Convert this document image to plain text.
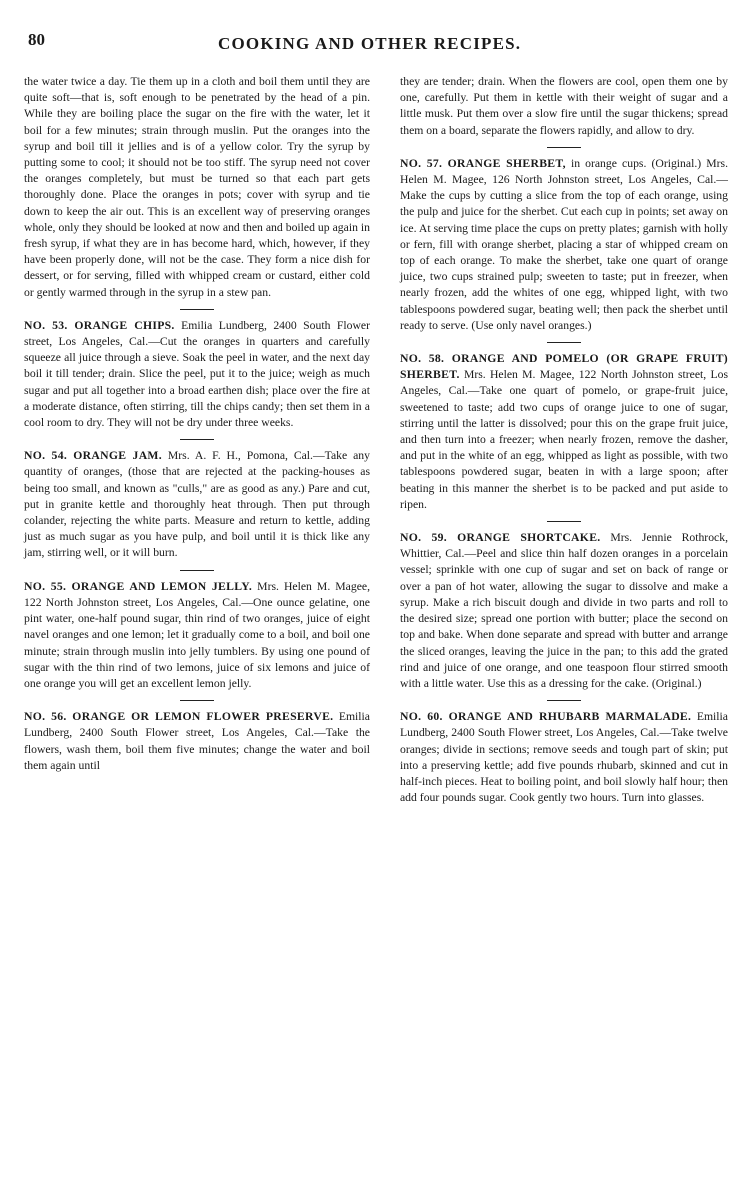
80	COOKING AND OTHER RECIPES.

the water twice a day. Tie them up in a cloth and boil them until they are quite soft—that is, soft enough to be penetrated by the head of a pin. While they are boiling place the sugar on the fire with the water, let it boil for a few minutes; strain through muslin. Put the oranges into the syrup and boil till it jellies and is of a yellow color. Try the syrup by putting some to cool; it should not be too stiff. The syrup need not cover the oranges completely, but must be turned so that each part gets thoroughly done. Place the oranges in pots; cover with syrup and tie down to keep the air out. This is an excellent way of preserving oranges whole, only they should be looked at now and then and boiled up again in fresh syrup, if what they are in has become hard, which, however, if they have been properly done, will not be the case. They form a nice dish for dessert, or for serving, filled with whipped cream or custard, either cold or gently warmed through in the syrup in a stew pan.

NO. 53. ORANGE CHIPS. Emilia Lundberg, 2400 South Flower street, Los Angeles, Cal.—Cut the oranges in quarters and carefully squeeze all juice through a sieve. Soak the peel in water, and the next day boil it till tender; drain. Slice the peel, put it to the juice; weigh as much sugar and put all together into a broad earthen dish; place over the fire at a moderate distance, often stirring, till the chips candy; then set them in a cool room to dry. They will not be dry under three weeks.

NO. 54. ORANGE JAM. Mrs. A. F. H., Pomona, Cal.—Take any quantity of oranges, (those that are rejected at the packing-houses as being too small, and known as "culls," are as good as any.) Pare and cut, put in granite kettle and thoroughly heat through. Then put through colander, rejecting the white parts. Measure and return to kettle, adding just as much sugar as you have pulp, and boil until it is thick like any jam, stirring well, or it will burn.

NO. 55. ORANGE AND LEMON JELLY. Mrs. Helen M. Magee, 122 North Johnston street, Los Angeles, Cal.—One ounce gelatine, one pint water, one-half pound sugar, thin rind of two oranges, juice of eight navel oranges and one lemon; let it gradually come to a boil, and boil one minute; strain through muslin into jelly tumblers. By using one pound of sugar with the thin rind of two lemons, juice of six lemons and juice of one orange you will get an excellent lemon jelly.

NO. 56. ORANGE OR LEMON FLOWER PRESERVE. Emilia Lundberg, 2400 South Flower street, Los Angeles, Cal.—Take the flowers, wash them, boil them five minutes; change the water and boil them again until

they are tender; drain. When the flowers are cool, open them one by one, carefully. Put them in kettle with their weight of sugar and a little musk. Put them over a slow fire until the sugar thickens; spread them on a board, separate the flowers rapidly, and allow to dry.

NO. 57. ORANGE SHERBET, in orange cups. (Original.) Mrs. Helen M. Magee, 126 North Johnston street, Los Angeles, Cal.—Make the cups by cutting a slice from the top of each orange, using the pulp and juice for the sherbet. Cut each cup in points; set away on ice. At serving time place the cups on pretty plates; garnish with holly or fern, fill with orange sherbet, placing a star of whipped cream on top of each orange. To make the sherbet, take one quart of orange juice, two cups strained pulp; sweeten to taste; put in freezer, when nearly frozen, add the whites of one egg, whipped light, with two tablespoons powdered sugar, beating well; then pack the sherbet until ready to serve. (Use only navel oranges.)

NO. 58. ORANGE AND POMELO (OR GRAPE FRUIT) SHERBET. Mrs. Helen M. Magee, 122 North Johnston street, Los Angeles, Cal.—Take one quart of pomelo, or grape-fruit juice, sweetened to taste; add two cups of orange juice to one of sugar, stirring until the latter is dissolved; pour this on the grape fruit juice, and then turn into a freezer; when nearly frozen, remove the dasher, and put in the white of an egg, whipped as light as possible, with two tablespoons powdered sugar, beaten in with a large spoon; after beating in this manner the sherbet is to be packed and put aside to ripen.

NO. 59. ORANGE SHORTCAKE. Mrs. Jennie Rothrock, Whittier, Cal.—Peel and slice thin half dozen oranges in a porcelain vessel; sprinkle with one cup of sugar and set on back of range or over a pan of hot water, allowing the sugar to dissolve and make a syrup. Make a rich biscuit dough and divide in two parts and roll to the desired size; spread one portion with butter; place the second on top and bake. When done separate and spread with butter and arrange the sliced oranges, leaving the juice in the pan; to this add the grated rind and juice of one orange, and one teaspoon flour stirred smooth with a little water. Use this as a dressing for the cake. (Original.)

NO. 60. ORANGE AND RHUBARB MARMALADE. Emilia Lundberg, 2400 South Flower street, Los Angeles, Cal.—Take twelve oranges; divide in sections; remove seeds and tough part of skin; put into a preserving kettle; add five pounds rhubarb, skinned and cut in half-inch pieces. Heat to boiling point, and boil slowly half hour; then add four pounds sugar. Cook gently two hours. Turn into glasses.
